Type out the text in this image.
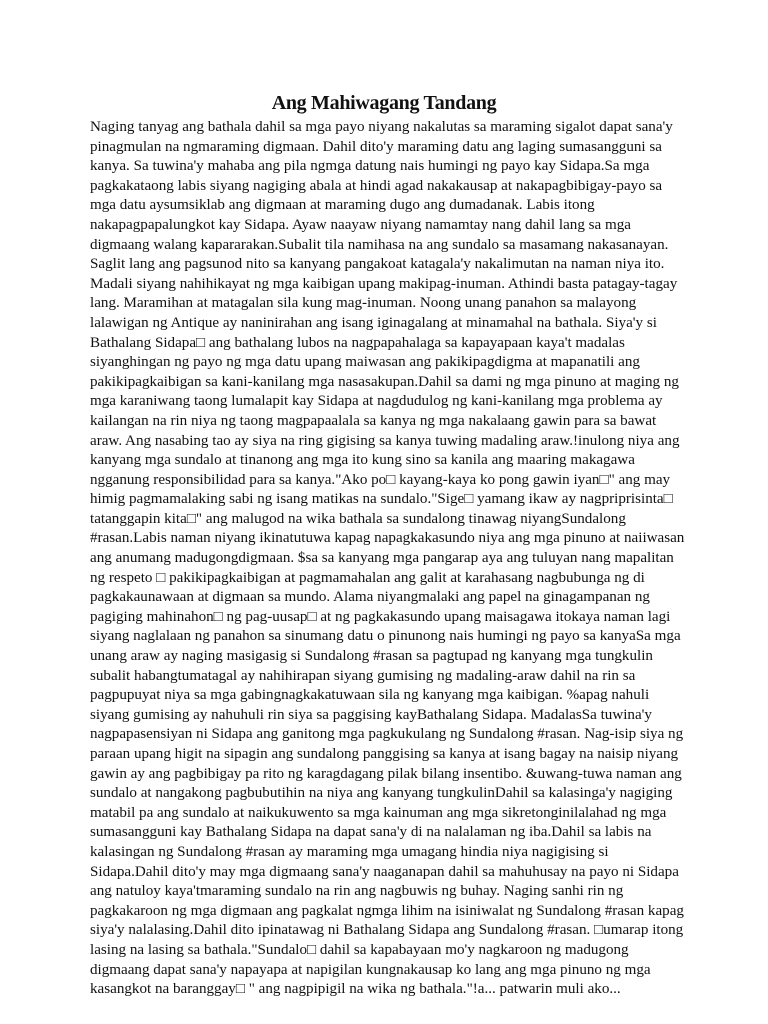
Ang Mahiwagang Tandang

Naging tanyag ang bathala dahil sa mga payo niyang nakalutas sa maraming sigalot dapat sana'y pinagmulan na ngmaraming digmaan. Dahil dito'y maraming datu ang laging sumasangguni sa kanya. Sa tuwina'y mahaba ang pila ngmga datung nais humingi ng payo kay Sidapa.Sa mga pagkakataong labis siyang nagiging abala at hindi agad nakakausap at nakapagbibigay-payo sa mga datu aysumsiklab ang digmaan at maraming dugo ang dumadanak. Labis itong nakapagpapalungkot kay Sidapa. Ayaw naayaw niyang namamtay nang dahil lang sa mga digmaang walang kapararakan.Subalit tila namihasa na ang sundalo sa masamang nakasanayan. Saglit lang ang pagsunod nito sa kanyang pangakoat katagala'y nakalimutan na naman niya ito. Madali siyang nahihikayat ng mga kaibigan upang makipag-inuman. Athindi basta patagay-tagay lang. Maramihan at matagalan sila kung mag-inuman. Noong unang panahon sa malayong lalawigan ng Antique ay naninirahan ang isang iginagalang at minamahal na bathala. Siya'y si Bathalang Sidapa□ ang bathalang lubos na nagpapahalaga sa kapayapaan kaya't madalas siyanghingan ng payo ng mga datu upang maiwasan ang pakikipagdigma at mapanatili ang pakikipagkaibigan sa kani-kanilang mga nasasakupan.Dahil sa dami ng mga pinuno at maging ng mga karaniwang taong lumalapit kay Sidapa at nagdudulog ng kani-kanilang mga problema ay kailangan na rin niya ng taong magpapaalala sa kanya ng mga nakalaang gawin para sa bawat araw. Ang nasabing tao ay siya na ring gigising sa kanya tuwing madaling araw.!inulong niya ang kanyang mga sundalo at tinanong ang mga ito kung sino sa kanila ang maaring makagawa ngganung responsibilidad para sa kanya."Ako po□ kayang-kaya ko pong gawin iyan□" ang may himig pagmamalaking sabi ng isang matikas na sundalo."Sige□ yamang ikaw ay nagpriprisinta□ tatanggapin kita□" ang malugod na wika bathala sa sundalong tinawag niyangSundalong #rasan.Labis naman niyang ikinatutuwa kapag napagkakasundo niya ang mga pinuno at naiiwasan ang anumang madugongdigmaan. $sa sa kanyang mga pangarap aya ang tuluyan nang mapalitan ng respeto □ pakikipagkaibigan at pagmamahalan ang galit at karahasang nagbubunga ng di pagkakaunawaan at digmaan sa mundo. Alama niyangmalaki ang papel na ginagampanan ng pagiging mahinahon□ ng pag-uusap□ at ng pagkakasundo upang maisagawa itokaya naman lagi siyang naglalaan ng panahon sa sinumang datu o pinunong nais humingi ng payo sa kanyaSa mga unang araw ay naging masigasig si Sundalong #rasan sa pagtupad ng kanyang mga tungkulin subalit habangtumatagal ay nahihirapan siyang gumising ng madaling-araw dahil na rin sa pagpupuyat niya sa mga gabingnagkakatuwaan sila ng kanyang mga kaibigan. %apag nahuli siyang gumising ay nahuhuli rin siya sa paggising kayBathalang Sidapa. MadalasSa tuwina'y nagpapasensiyan ni Sidapa ang ganitong mga pagkukulang ng Sundalong #rasan. Nag-isip siya ng paraan upang higit na sipagin ang sundalong panggising sa kanya at isang bagay na naisip niyang gawin ay ang pagbibigay pa rito ng karagdagang pilak bilang insentibo. &uwang-tuwa naman ang sundalo at nangakong pagbubutihin na niya ang kanyang tungkulinDahil sa kalasinga'y nagiging matabil pa ang sundalo at naikukuwento sa mga kainuman ang mga sikretonginilalahad ng mga sumasangguni kay Bathalang Sidapa na dapat sana'y di na nalalaman ng iba.Dahil sa labis na kalasingan ng Sundalong #rasan ay maraming mga umagang hindia niya nagigising si Sidapa.Dahil dito'y may mga digmaang sana'y naaganapan dahil sa mahuhusay na payo ni Sidapa ang natuloy kaya'tmaraming sundalo na rin ang nagbuwis ng buhay. Naging sanhi rin ng pagkakaroon ng mga digmaan ang pagkalat ngmga lihim na isiniwalat ng Sundalong #rasan kapag siya'y nalalasing.Dahil dito ipinatawag ni Bathalang Sidapa ang Sundalong #rasan. □umarap itong lasing na lasing sa bathala."Sundalo□ dahil sa kapabayaan mo'y nagkaroon ng madugong digmaang dapat sana'y napayapa at napigilan kungnakausap ko lang ang mga pinuno ng mga kasangkot na baranggay□ " ang nagpipigil na wika ng bathala."!a... patwarin muli ako...
